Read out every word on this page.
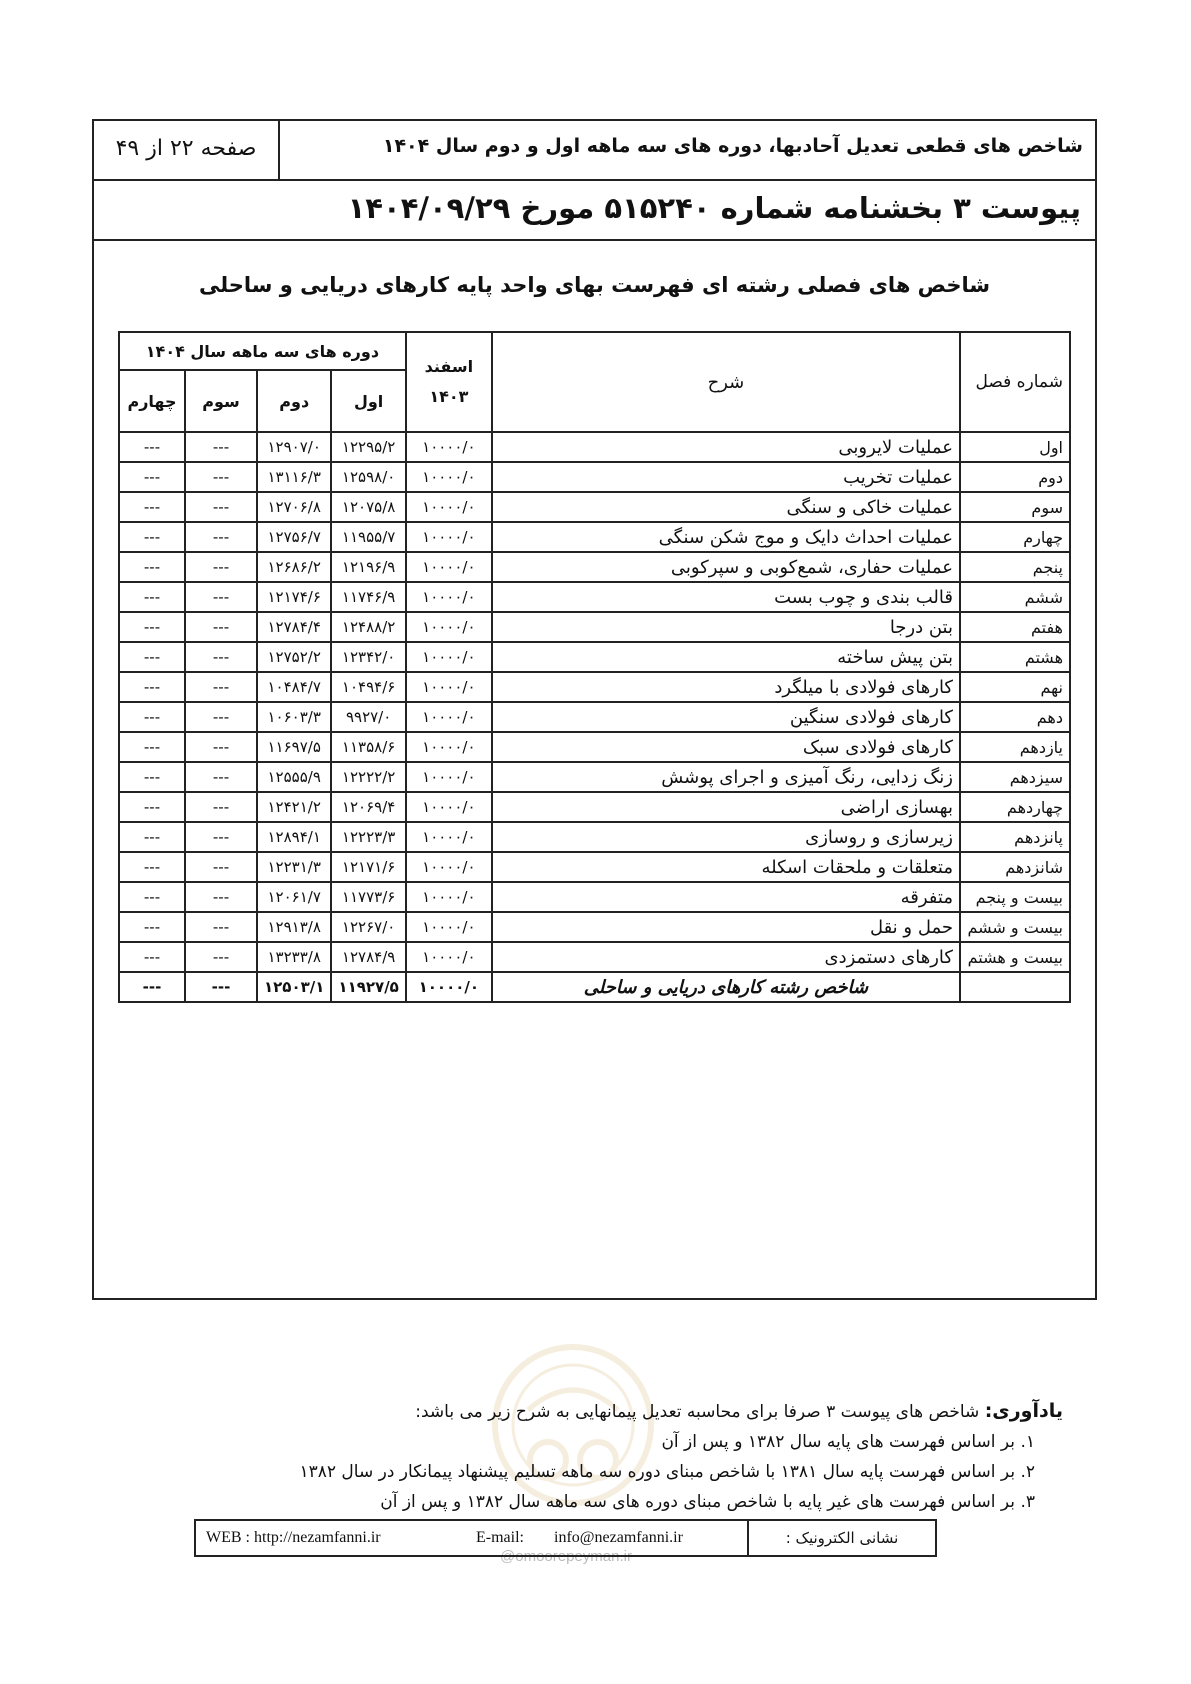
شاخص های قطعی تعدیل آحادبها، دوره های سه ماهه اول و دوم سال ۱۴۰۴
صفحه ۲۲ از ۴۹
پیوست ۳ بخشنامه شماره ۵۱۵۲۴۰ مورخ ۱۴۰۴/۰۹/۲۹
شاخص های فصلی رشته ای فهرست بهای واحد پایه کارهای دریایی و ساحلی
شماره فصل	شرح	اسفند ۱۴۰۳	دوره های سه ماهه سال ۱۴۰۴			
			اول	دوم	سوم	چهارم
اول	عملیات لایروبی	۱۰۰۰۰/۰	۱۲۲۹۵/۲	۱۲۹۰۷/۰	---	---
دوم	عملیات تخریب	۱۰۰۰۰/۰	۱۲۵۹۸/۰	۱۳۱۱۶/۳	---	---
سوم	عملیات خاکی و سنگی	۱۰۰۰۰/۰	۱۲۰۷۵/۸	۱۲۷۰۶/۸	---	---
چهارم	عملیات احداث دایک و موج شکن سنگی	۱۰۰۰۰/۰	۱۱۹۵۵/۷	۱۲۷۵۶/۷	---	---
پنجم	عملیات حفاری، شمع‌کوبی و سپرکوبی	۱۰۰۰۰/۰	۱۲۱۹۶/۹	۱۲۶۸۶/۲	---	---
ششم	قالب بندی و چوب بست	۱۰۰۰۰/۰	۱۱۷۴۶/۹	۱۲۱۷۴/۶	---	---
هفتم	بتن درجا	۱۰۰۰۰/۰	۱۲۴۸۸/۲	۱۲۷۸۴/۴	---	---
هشتم	بتن پیش ساخته	۱۰۰۰۰/۰	۱۲۳۴۲/۰	۱۲۷۵۲/۲	---	---
نهم	کارهای فولادی با میلگرد	۱۰۰۰۰/۰	۱۰۴۹۴/۶	۱۰۴۸۴/۷	---	---
دهم	کارهای فولادی سنگین	۱۰۰۰۰/۰	۹۹۲۷/۰	۱۰۶۰۳/۳	---	---
یازدهم	کارهای فولادی سبک	۱۰۰۰۰/۰	۱۱۳۵۸/۶	۱۱۶۹۷/۵	---	---
سیزدهم	زنگ زدایی، رنگ آمیزی و اجرای پوشش	۱۰۰۰۰/۰	۱۲۲۲۲/۲	۱۲۵۵۵/۹	---	---
چهاردهم	بهسازی اراضی	۱۰۰۰۰/۰	۱۲۰۶۹/۴	۱۲۴۲۱/۲	---	---
پانزدهم	زیرسازی و روسازی	۱۰۰۰۰/۰	۱۲۲۲۳/۳	۱۲۸۹۴/۱	---	---
شانزدهم	متعلقات و ملحقات اسکله	۱۰۰۰۰/۰	۱۲۱۷۱/۶	۱۲۲۳۱/۳	---	---
بیست و پنجم	متفرقه	۱۰۰۰۰/۰	۱۱۷۷۳/۶	۱۲۰۶۱/۷	---	---
بیست و ششم	حمل و نقل	۱۰۰۰۰/۰	۱۲۲۶۷/۰	۱۲۹۱۳/۸	---	---
بیست و هشتم	کارهای دستمزدی	۱۰۰۰۰/۰	۱۲۷۸۴/۹	۱۳۲۳۳/۸	---	---
	شاخص رشته کارهای دریایی و ساحلی	۱۰۰۰۰/۰	۱۱۹۲۷/۵	۱۲۵۰۳/۱	---	---
@omoorepeyman.ir
یادآوری: شاخص های پیوست ۳ صرفا برای محاسبه تعدیل پیمانهایی به شرح زیر می باشد:
۱. بر اساس فهرست های پایه سال ۱۳۸۲ و پس از آن
۲. بر اساس فهرست پایه سال ۱۳۸۱ با شاخص مبنای دوره سه ماهه تسلیم پیشنهاد پیمانکار در سال ۱۳۸۲
۳. بر اساس فهرست های غیر پایه با شاخص مبنای دوره های سه ماهه سال ۱۳۸۲ و پس از آن
نشانی الکترونیک :
WEB : http://nezamfanni.ir	E-mail: info@nezamfanni.ir
